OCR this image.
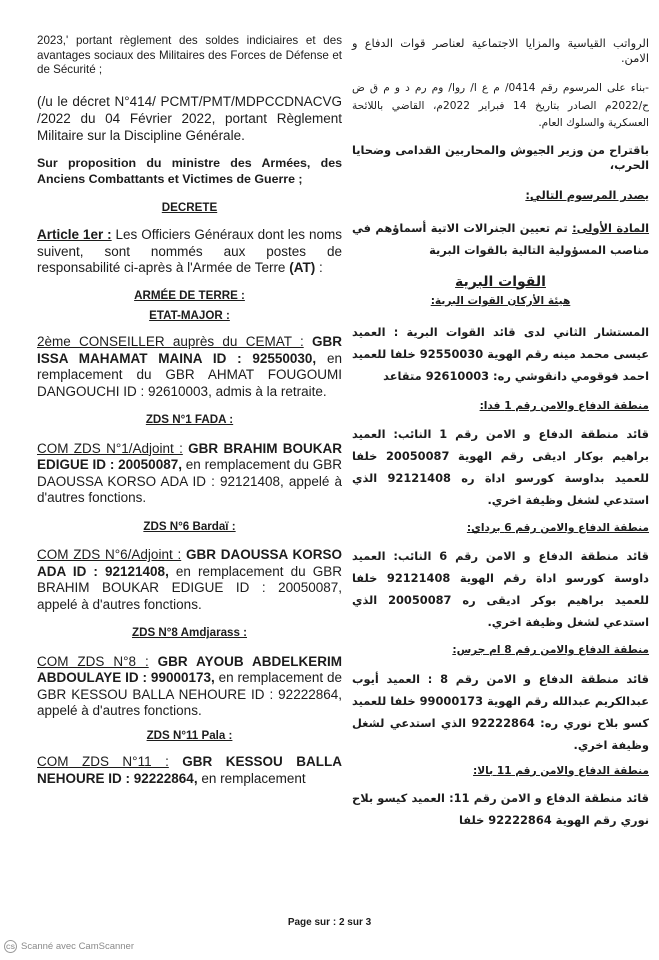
2023,' portant règlement des soldes indiciaires et des avantages sociaux des Militaires des Forces de Défense et de Sécurité ;

(/u le décret N°414/ PCMT/PMT/MDPCCDNACVG /2022 du 04 Février 2022, portant Règlement Militaire sur la Discipline Générale.

Sur proposition du ministre des Armées, des Anciens Combattants et Victimes de Guerre ;

DECRETE

Article 1er : Les Officiers Généraux dont les noms suivent, sont nommés aux postes de responsabilité ci-après à l'Armée de Terre (AT) :

ARMÉE DE TERRE :

ETAT-MAJOR :

2ème CONSEILLER auprès du CEMAT : GBR ISSA MAHAMAT MAINA ID : 92550030, en remplacement du GBR AHMAT FOUGOUMI DANGOUCHI ID : 92610003, admis à la retraite.

ZDS N°1 FADA :

COM ZDS N°1/Adjoint : GBR BRAHIM BOUKAR EDIGUE ID : 20050087, en remplacement du GBR DAOUSSA KORSO ADA ID : 92121408, appelé à d'autres fonctions.

ZDS N°6 Bardaï :

COM ZDS N°6/Adjoint : GBR DAOUSSA KORSO ADA ID : 92121408, en remplacement du GBR BRAHIM BOUKAR EDIGUE ID : 20050087, appelé à d'autres fonctions.

ZDS N°8 Amdjarass :

COM ZDS N°8 : GBR AYOUB ABDELKERIM ABDOULAYE ID : 99000173, en remplacement de GBR KESSOU BALLA NEHOURE ID : 92222864, appelé à d'autres fonctions.

ZDS N°11 Pala :

COM ZDS N°11 : GBR KESSOU BALLA NEHOURE ID : 92222864, en remplacement

الرواتب القياسية والمزايا الاجتماعية لعناصر قوات الدفاع و الامن.

-بناء على المرسوم رقم 0414/ م ع ا/ روا/ وم رم د و م ق ض ح/2022م الصادر بتاريخ 14 فبراير 2022م، القاضي باللائحة العسكرية والسلوك العام.

باقتراح من وزير الجيوش والمحاربين القدامى وضحايا الحرب،

يصدر المرسوم التالي:

المادة الأولى: تم تعيين الجنرالات الاتية أسماؤهم في مناصب المسؤولية التالية بالقوات البرية

القوات البرية

هيئة الأركان القوات البرية:

المستشار الثاني لدى قائد القوات البرية : العميد عيسى محمد مينه رقم الهوية 92550030 خلفا للعميد احمد فوقومي دانقوشي ره: 92610003 متقاعد

منطقة الدفاع والامن رقم 1 فدا:

قائد منطقة الدفاع و الامن رقم 1 النائب: العميد براهيم بوكار اديقى رقم الهوية 20050087 خلفا للعميد بداوسة كورسو اداة ره 92121408 الذي استدعي لشغل وظيفة اخري.

منطقة الدفاع والامن رقم 6 برداي:

قائد منطقة الدفاع و الامن رقم 6 النائب: العميد داوسة كورسو اداة رقم الهوية 92121408 خلفا للعميد براهيم بوكر اديقى ره 20050087 الذي استدعي لشغل وظيفة اخري.

منطقة الدفاع والامن رقم 8 ام جرس:

قائد منطقة الدفاع و الامن رقم 8 : العميد أيوب عبدالكريم عبدالله رقم الهوية 99000173 خلفا للعميد كسو بلاح نوري ره: 92222864 الذي استدعي لشغل وظيفة اخري.

منطقة الدفاع والامن رقم 11 بالا:

قائد منطقة الدفاع و الامن رقم 11: العميد كيسو بلاح نوري رقم الهوية 92222864 خلفا

Page sur : 2 sur 3
CS Scanné avec CamScanner
